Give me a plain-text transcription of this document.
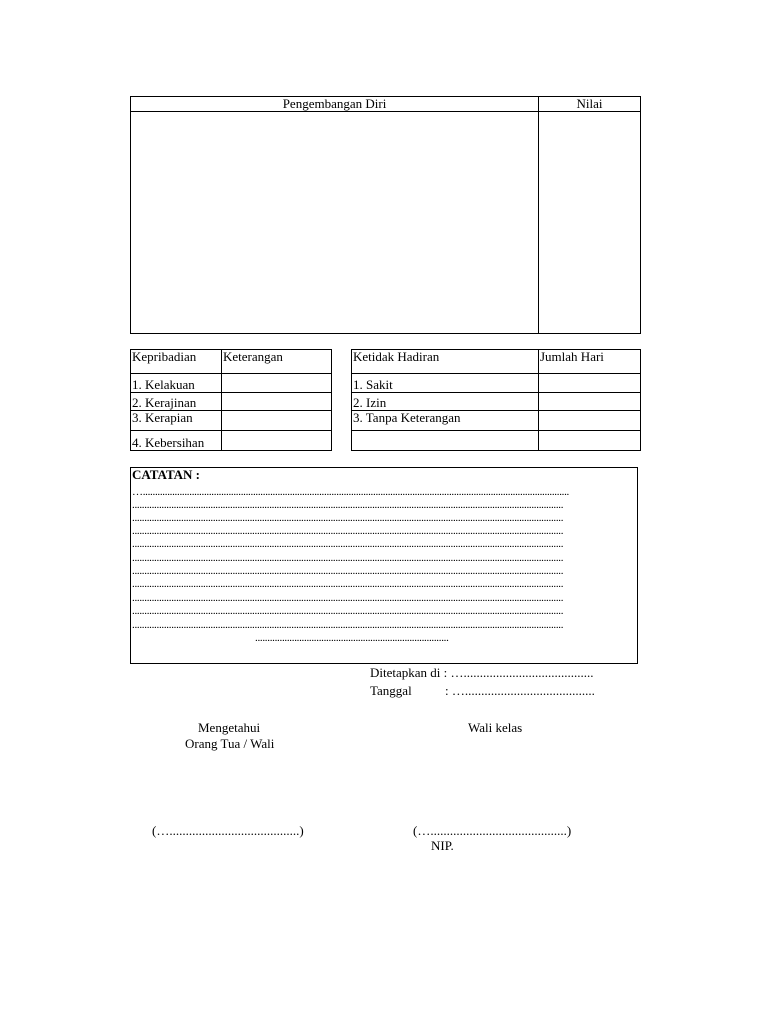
Pengembangan Diri	Nilai

Kepribadian	Keterangan
1. Kelakuan	
2. Kerajinan	
3. Kerapian	
4. Kebersihan	
Ketidak Hadiran	Jumlah Hari
1. Sakit	
2. Izin	
3. Tanpa Keterangan	

CATATAN :
…..............................................................................................................................................................................
................................................................................................................................................................................
................................................................................................................................................................................
................................................................................................................................................................................
................................................................................................................................................................................
................................................................................................................................................................................
................................................................................................................................................................................
................................................................................................................................................................................
................................................................................................................................................................................
................................................................................................................................................................................
................................................................................................................................................................................
...............................................................................
Ditetapkan di : …........................................
Tanggal	: …........................................
Mengetahui
Orang Tua / Wali
Wali kelas
(…........................................)	(…..........................................)
NIP.
